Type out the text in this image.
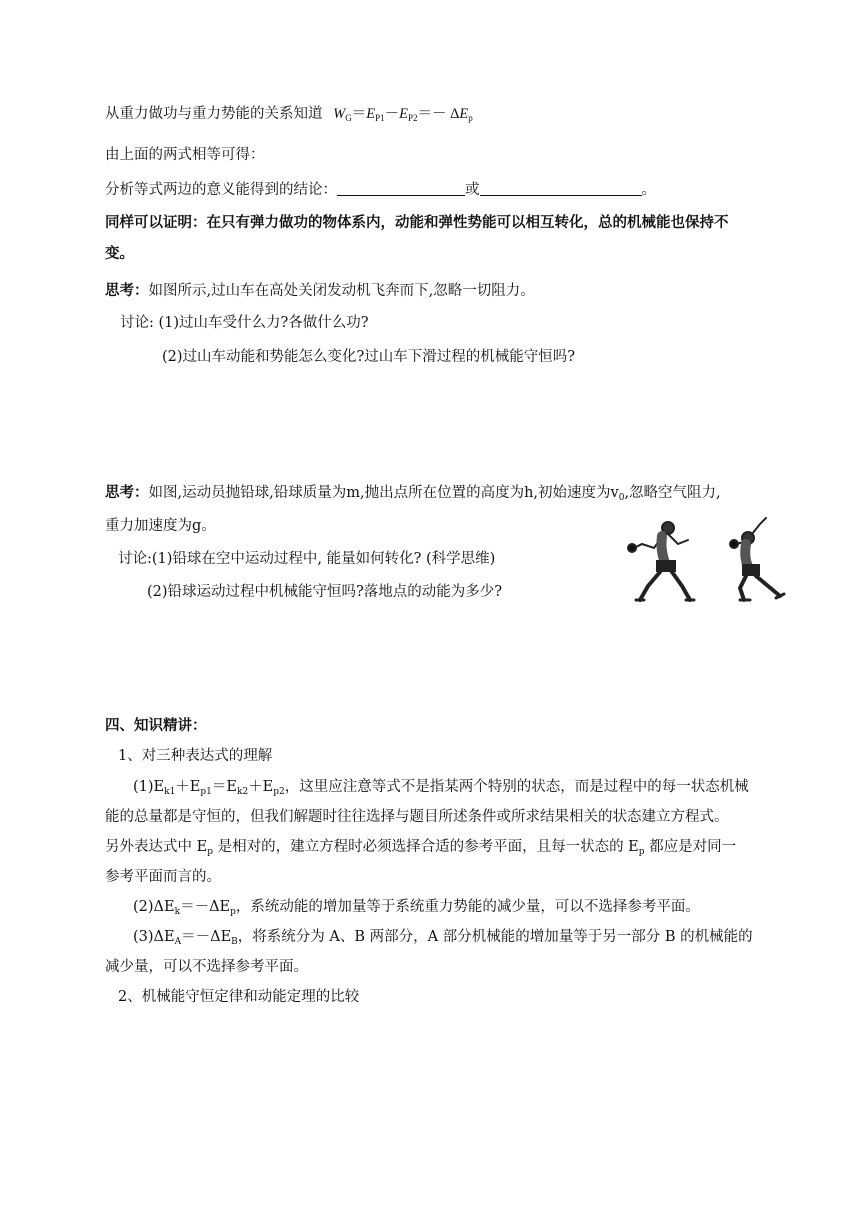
从重力做功与重力势能的关系知道 $W_G=E_{P1}-E_{P2}=- \Delta E_p$
由上面的两式相等可得：
分析等式两边的意义能得到的结论：	或	。
同样可以证明：在只有弹力做功的物体系内，动能和弹性势能可以相互转化，总的机械能也保持不
变。
思考：如图所示,过山车在高处关闭发动机飞奔而下,忽略一切阻力。
讨论: (1)过山车受什么力?各做什么功?
(2)过山车动能和势能怎么变化?过山车下滑过程的机械能守恒吗?
思考：如图,运动员抛铅球,铅球质量为m,抛出点所在位置的高度为h,初始速度为$v_0$,忽略空气阻力,
重力加速度为g。
讨论:(1)铅球在空中运动过程中, 能量如何转化? (科学思维)
(2)铅球运动过程中机械能守恒吗?落地点的动能为多少?
四、知识精讲：
1、对三种表达式的理解
$(1)E_{k1}+E_{p1}=E_{k2}+E_{p2}$，这里应注意等式不是指某两个特别的状态，而是过程中的每一状态机械
能的总量都是守恒的，但我们解题时往往选择与题目所述条件或所求结果相关的状态建立方程式。
另外表达式中 $E_p$ 是相对的，建立方程时必须选择合适的参考平面，且每一状态的 $E_p$ 都应是对同一
参考平面而言的。
$(2)\Delta E_k=-\Delta E_p$，系统动能的增加量等于系统重力势能的减少量，可以不选择参考平面。
$(3)\Delta E_A=-\Delta E_B$，将系统分为 A、B 两部分，A 部分机械能的增加量等于另一部分 B 的机械能的
减少量，可以不选择参考平面。
2、机械能守恒定律和动能定理的比较
